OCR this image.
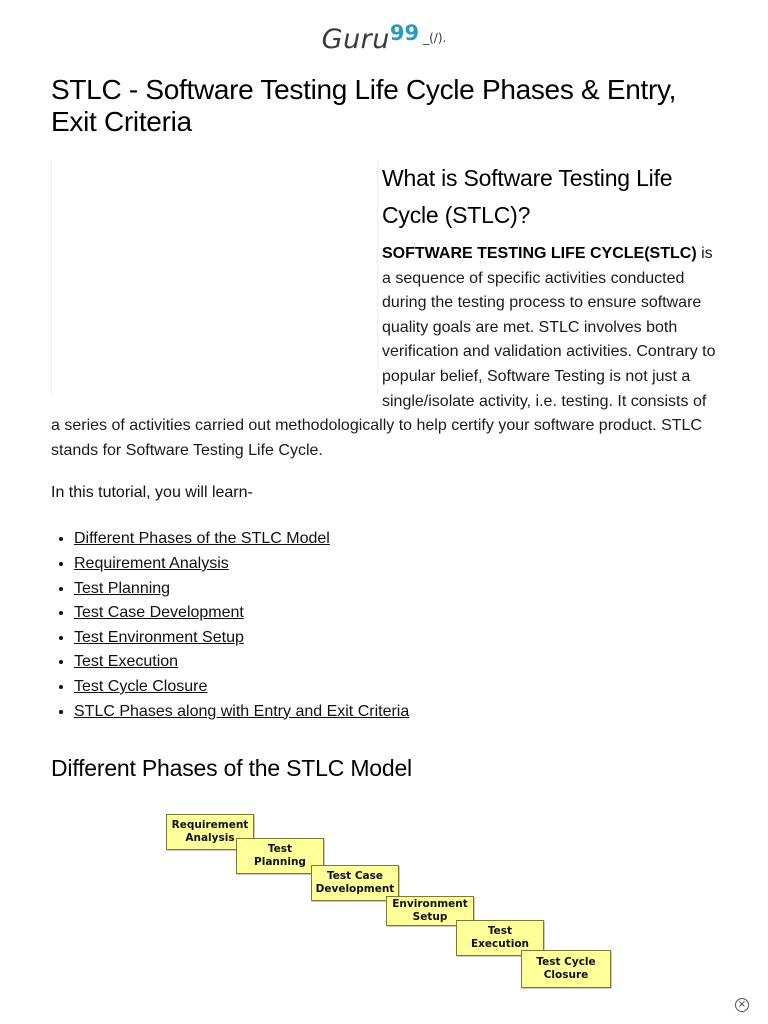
Guru99 _(/).
STLC - Software Testing Life Cycle Phases & Entry, Exit Criteria
What is Software Testing Life Cycle (STLC)?

SOFTWARE TESTING LIFE CYCLE(STLC) is a sequence of specific activities conducted during the testing process to ensure software quality goals are met. STLC involves both verification and validation activities. Contrary to popular belief, Software Testing is not just a single/isolate activity, i.e. testing. It consists of a series of activities carried out methodologically to help certify your software product. STLC stands for Software Testing Life Cycle.

In this tutorial, you will learn-

• Different Phases of the STLC Model
• Requirement Analysis
• Test Planning
• Test Case Development
• Test Environment Setup
• Test Execution
• Test Cycle Closure
• STLC Phases along with Entry and Exit Criteria
Different Phases of the STLC Model
Requirement
Analysis
Test
Planning
Test Case
Development
Environment
Setup
Test
Execution
Test Cycle
Closure
×
